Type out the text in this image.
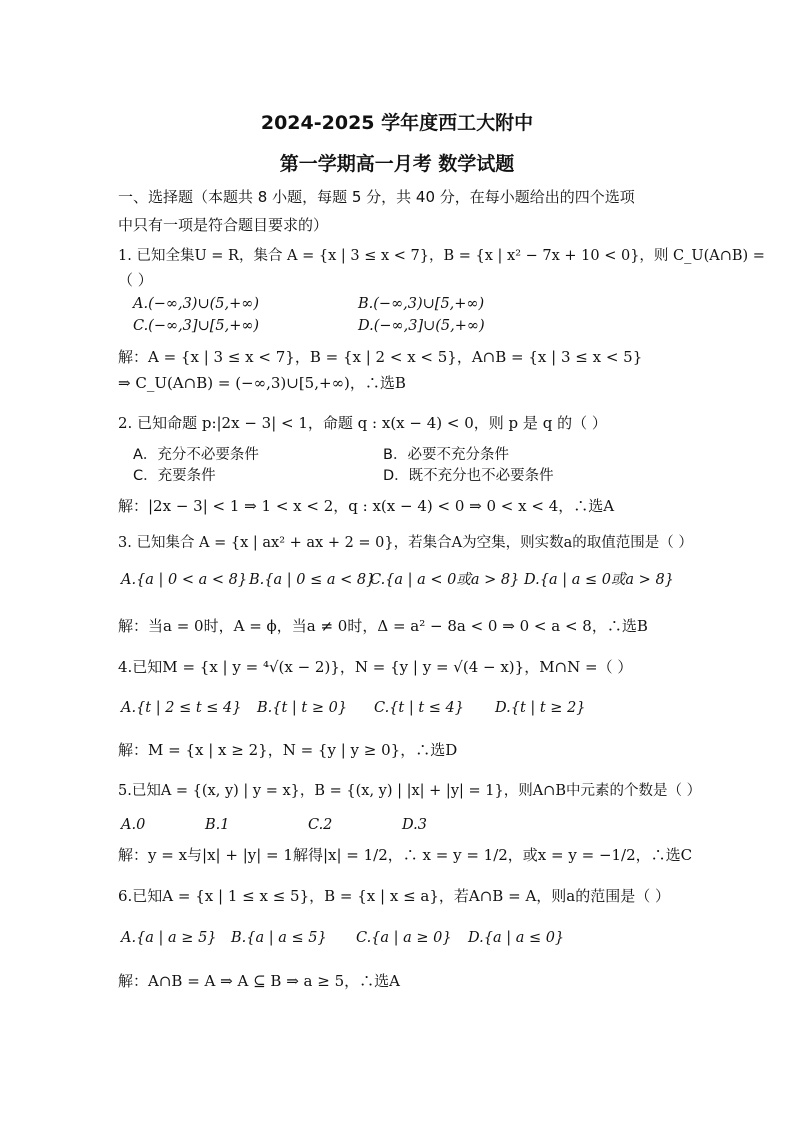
2024-2025 学年度西工大附中
第一学期高一月考 数学试题
一、选择题（本题共 8 小题，每题 5 分，共 40 分，在每小题给出的四个选项
中只有一项是符合题目要求的）
1. 已知全集U = R，集合 A = {x | 3 ≤ x < 7}，B = {x | x² − 7x + 10 < 0}，则 C_U(A∩B) =
（ ）
A.(−∞,3)∪(5,+∞)	B.(−∞,3)∪[5,+∞)
C.(−∞,3]∪[5,+∞)	D.(−∞,3]∪(5,+∞)
解：A = {x | 3 ≤ x < 7}，B = {x | 2 < x < 5}，A∩B = {x | 3 ≤ x < 5}
⇒ C_U(A∩B) = (−∞,3)∪[5,+∞)，∴选B
2. 已知命题 p:|2x − 3| < 1，命题 q : x(x − 4) < 0，则 p 是 q 的（ ）
A．充分不必要条件	B．必要不充分条件
C．充要条件	D．既不充分也不必要条件
解：|2x − 3| < 1 ⇒ 1 < x < 2，q : x(x − 4) < 0 ⇒ 0 < x < 4，∴选A
3. 已知集合 A = {x | ax² + ax + 2 = 0}，若集合A为空集，则实数a的取值范围是（ ）
A.{a | 0 < a < 8} B.{a | 0 ≤ a < 8}
C.{a | a < 0或a > 8} D.{a | a ≤ 0或a > 8}
解：当a = 0时，A = ϕ，当a ≠ 0时，Δ = a² − 8a < 0 ⇒ 0 < a < 8，∴选B
4.已知M = {x | y = ⁴√(x − 2)}，N = {y | y = √(4 − x)}，M∩N =（ ）
A.{t | 2 ≤ t ≤ 4} B.{t | t ≥ 0} C.{t | t ≤ 4} D.{t | t ≥ 2}
解：M = {x | x ≥ 2}，N = {y | y ≥ 0}，∴选D
5.已知A = {(x, y) | y = x}，B = {(x, y) | |x| + |y| = 1}，则A∩B中元素的个数是（ ）
A.0	B.1	C.2	D.3
解：y = x与|x| + |y| = 1解得|x| = 1/2，∴ x = y = 1/2，或x = y = −1/2，∴选C
6.已知A = {x | 1 ≤ x ≤ 5}，B = {x | x ≤ a}，若A∩B = A，则a的范围是（ ）
A.{a | a ≥ 5} B.{a | a ≤ 5} C.{a | a ≥ 0} D.{a | a ≤ 0}
解：A∩B = A ⇒ A ⊆ B ⇒ a ≥ 5，∴选A
